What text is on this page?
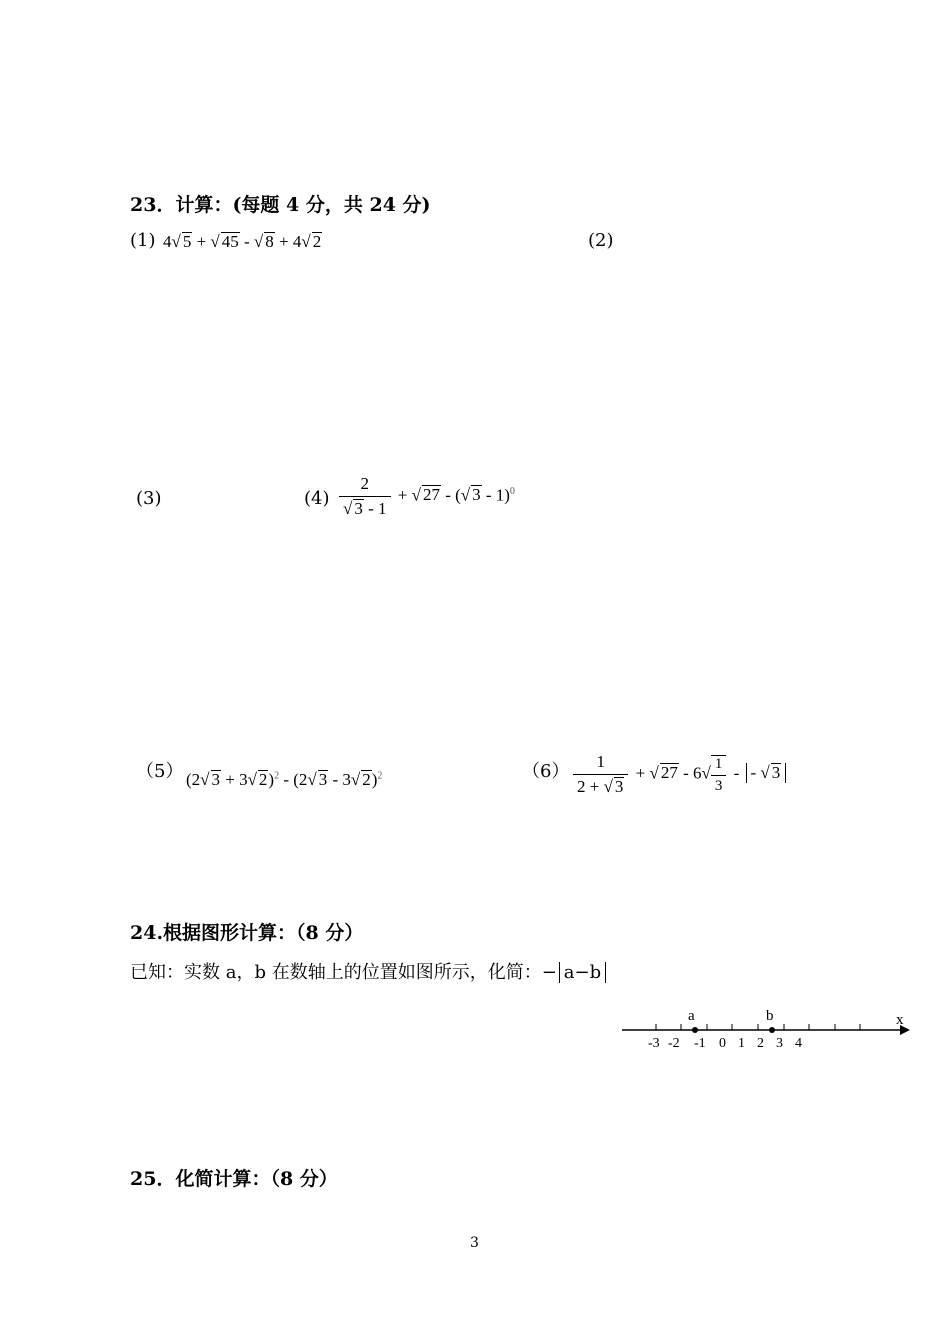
23．计算：(每题 4 分，共 24 分)
(1) 4√ 5 + √ 45 - √ 8 + 4√ 2	(2)
(3)	$(4) \frac{2}{√ 3 - 1}$ + √ 27 - (√ 3 - 1)$^0$
（5） (2√ 3 + 3√ 2)$^2$ - (2√ 3 - 3√ 2)$^2$	$(6) \frac{1}{2 + √ 3}$ + √ $27 - 6√ \frac{1}{3}$ - - √ 3
24.根据图形计算：（8 分）
已知：实数 a，b 在数轴上的位置如图所示，化简：− a−b
a	b	x
-3 -2 -1 0 1 2 3 4
25．化简计算：（8 分）
3
